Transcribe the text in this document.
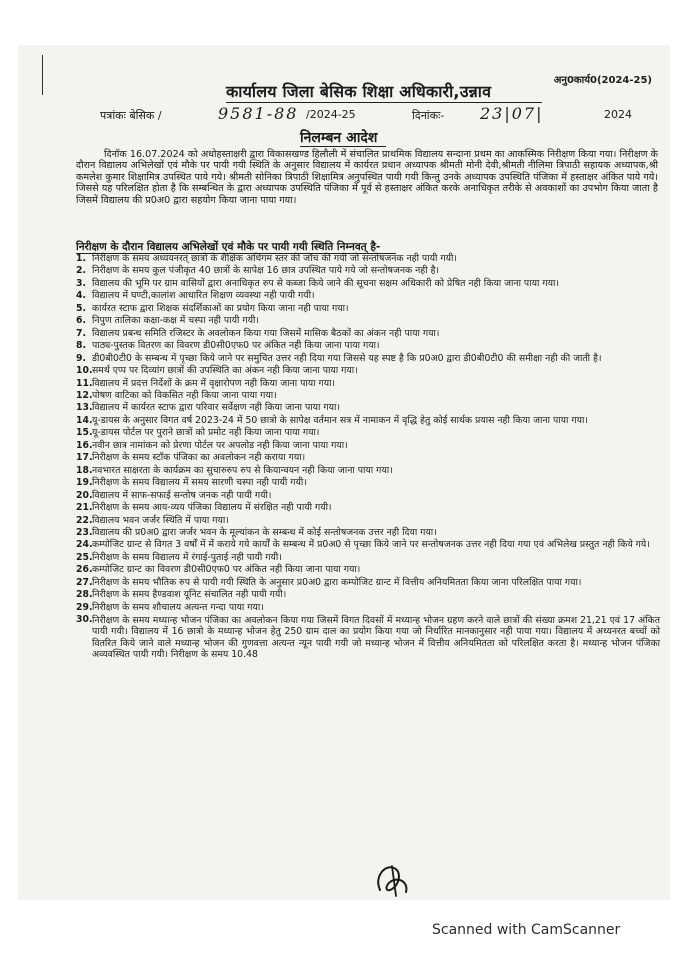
अनु0कार्य0(2024-25)
कार्यालय जिला बेसिक शिक्षा अधिकारी,उन्नाव
पत्रांकः बेसिक /	9581-88 /2024-25	दिनांकः- 23|07|	2024
निलम्बन आदेश
दिनॉक 16.07.2024 को अधोहस्ताक्षरी द्वारा विकासखण्ड हिलौली में संचालित प्राथमिक विद्यालय सन्दाना प्रथम का आकस्मिक निरीक्षण किया गया। निरीक्षण के दौरान विद्यालय अभिलेखों एवं मौके पर पायी गयी स्थिति के अनुसार विद्यालय में कार्यरत प्रधान अध्यापक श्रीमती मोनी देवी,श्रीमती नीलिमा त्रिपाठी सहायक अध्यापक,श्री कमलेश कुमार शिक्षामित्र उपस्थित पाये गये। श्रीमती सोनिका त्रिपाठी शिक्षामित्र अनुपस्थित पायी गयी किन्तु उनके अध्यापक उपस्थिति पंजिका में हस्ताक्षर अंकित पाये गये। जिससे यह परिलक्षित होता है कि सम्बन्धित के द्वारा अध्यापक उपस्थिति पंजिका में पूर्व से हस्ताक्षर अंकित करके अनाधिकृत तरीके से अवकाशों का उपभोग किया जाता है जिसमें विद्यालय की प्र0अ0 द्वारा सहयोग किया जाना पाया गया।
निरीक्षण के दौरान विद्यालय अभिलेखों एवं मौके पर पायी गयी स्थिति निम्नवत् है-
1. निरीक्षण के समय अध्ययनरत् छात्रों के शैक्षिक अधिगम स्तर की जॉच की गयी जो सन्तोषजनक नही पायी गयी।
2. निरीक्षण के समय कुल पंजीकृत 40 छात्रों के सापेक्ष 16 छात्र उपस्थित पाये गये जो सन्तोषजनक नही है।
3. विद्यालय की भूमि पर ग्राम वासियों द्वारा अनाधिकृत रुप से कब्जा किये जाने की सूचना सक्षम अधिकारी को प्रेषित नही किया जाना पाया गया।
4. विद्यालय में घण्टी,कालांश आधारित शिक्षण व्यवस्था नही पायी गयी।
5. कार्यरत स्टाफ द्वारा शिक्षक संदर्शिकाओं का प्रयोग किया जाना नही पाया गया।
6. निपुण तालिका कक्षा-कक्ष में चस्पा नही पायी गयी।
7. विद्यालय प्रबन्ध समिति रजिस्टर के अवलोकन किया गया जिसमें मासिक बैठकों का अंकन नही पाया गया।
8. पाठ्य-पुस्तक वितरण का विवरण डी0सी0एफ0 पर अंकित नही किया जाना पाया गया।
9. डी0बी0टी0 के सम्बन्ध में पृच्छा किये जाने पर समुचित उत्तर नही दिया गया जिससे यह स्पष्ट है कि प्र0अ0 द्वारा डी0बी0टी0 की समीक्षा नही की जाती है।
10. समर्थ एप्प पर दिव्यांग छात्रों की उपस्थिति का अंकन नही किया जाना पाया गया।
11. विद्यालय में प्रदत्त निर्देशों के क्रम में वृक्षारोपण नही किया जाना पाया गया।
12. पोषण वाटिका को विकसित नही किया जाना पाया गया।
13. विद्यालय में कार्यरत स्टाफ द्वारा परिवार सर्वेक्षण नही किया जाना पाया गया।
14. यू-डायस के अनुसार विगत वर्ष 2023-24 में 50 छात्रो के सापेक्ष वर्तमान सत्र में नामाकन में वृद्धि हेतु कोई सार्थक प्रयास नही किया जाना पाया गया।
15. यू-डायस पोर्टल पर पुराने छात्रों को प्रमोट नही किया जाना पाया गया।
16. नवीन छात्र नामांकन को प्रेरणा पोर्टल पर अपलोड नही किया जाना पाया गया।
17. निरीक्षण के समय स्टॉक पंजिका का अवलोकन नही कराया गया।
18. नवभारत साक्षरता के कार्यक्रम का सुचारुरुप रुप से कियान्वयन नही किया जाना पाया गया।
19. निरीक्षण के समय विद्यालय में समय सारणी चस्पा नही पायी गयी।
20. विद्यालय में साफ-सफाई सन्तोष जनक नही पायी गयी।
21. निरीक्षण के समय आय-व्यय पंजिका विद्यालय में संरक्षित नही पायी गयी।
22. विद्यालय भवन जर्जर स्थिति में पाया गया।
23. विद्यालय की प्र0अ0 द्वारा जर्जर भवन के मूल्यांकन के सम्बन्ध में कोई सन्तोषजनक उत्तर नही दिया गया।
24. कम्पोजिट ग्रान्ट से विगत 3 वर्षों में में कराये गये कार्यों के सम्बन्ध में प्र0अ0 से पृच्छा किये जाने पर सन्तोषजनक उत्तर नही दिया गया एवं अभिलेख प्रस्तुत नही किये गये।
25. निरीक्षण के समय विद्यालय में रंगाई-पुताई नही पायी गयी।
26. कम्पोजिट ग्रान्ट का विवरण डी0सी0एफ0 पर अंकित नही किया जाना पाया गया।
27. निरीक्षण के समय भौतिक रुप से पायी गयी स्थिति के अनुसार प्र0अ0 द्वारा कम्पोजिट ग्रान्ट में वित्तीय अनियमितता किया जाना परिलक्षित पाया गया।
28. निरीक्षण के समय हैण्डवाश यूनिट संचालित नही पायी गयी।
29. निरीक्षण के समय शौचालय अत्यन्त गन्दा पाया गया।
30. निरीक्षण के समय मध्यान्ह भोजन पंजिका का अवलोकन किया गया जिसमें विगत दिवसों में मध्यान्ह भोजन ग्रहण करने वाले छात्रों की संख्या क्रमश 21,21 एवं 17 अंकित पायी गयी। विद्यालय में 16 छात्रो के मध्यान्ह भोजन हेतु 250 ग्राम दाल का प्रयोग किया गया जो निर्धारित मानकानुसार नही पाया गया। विद्यालय में अध्यनरत बच्चों को वितरित किये जाने वाले मध्यान्ह भोजन की गुणवत्ता अत्यन्त न्यून पायी गयी जो मध्यान्ह भोजन में वित्तीय अनियमितता को परिलक्षित करता है। मध्यान्ह भोजन पंजिका अव्यवस्थित पायी गयी। निरीक्षण के समय 10.48
Scanned with CamScanner
